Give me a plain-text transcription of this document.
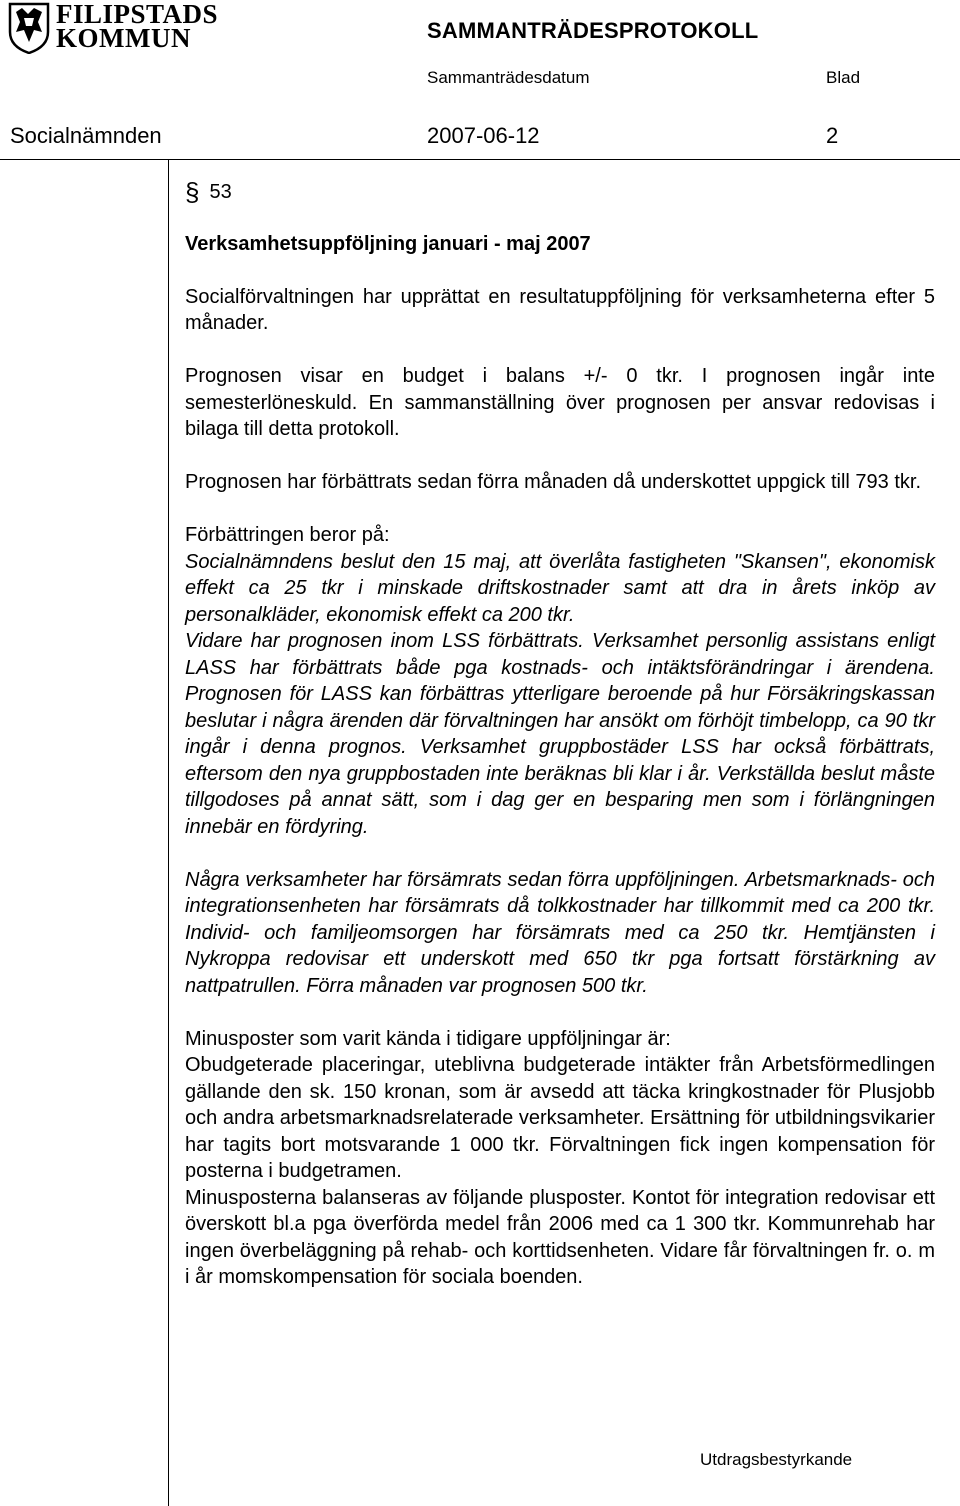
FILIPSTADS
KOMMUN	SAMMANTRÄDESPROTOKOLL
Sammanträdesdatum	Blad
Socialnämnden	2007-06-12	2
§ 53
Verksamhetsuppföljning januari - maj 2007

Socialförvaltningen har upprättat en resultatuppföljning för verksamheterna efter 5 månader.

Prognosen visar en budget i balans +/- 0 tkr. I prognosen ingår inte semesterlöneskuld. En sammanställning över prognosen per ansvar redovisas i bilaga till detta protokoll.

Prognosen har förbättrats sedan förra månaden då underskottet uppgick till 793 tkr.

Förbättringen beror på:

Socialnämndens beslut den 15 maj, att överlåta fastigheten "Skansen", ekonomisk effekt ca 25 tkr i minskade driftskostnader samt att dra in årets inköp av personalkläder, ekonomisk effekt ca 200 tkr.

Vidare har prognosen inom LSS förbättrats. Verksamhet personlig assistans enligt LASS har förbättrats både pga kostnads- och intäktsförändringar i ärendena. Prognosen för LASS kan förbättras ytterligare beroende på hur Försäkringskassan beslutar i några ärenden där förvaltningen har ansökt om förhöjt timbelopp, ca 90 tkr ingår i denna prognos. Verksamhet gruppbostäder LSS har också förbättrats, eftersom den nya gruppbostaden inte beräknas bli klar i år. Verkställda beslut måste tillgodoses på annat sätt, som i dag ger en besparing men som i förlängningen innebär en fördyring.

Några verksamheter har försämrats sedan förra uppföljningen. Arbetsmarknads- och integrationsenheten har försämrats då tolkkostnader har tillkommit med ca 200 tkr. Individ- och familjeomsorgen har försämrats med ca 250 tkr. Hemtjänsten i Nykroppa redovisar ett underskott med 650 tkr pga fortsatt förstärkning av nattpatrullen. Förra månaden var prognosen 500 tkr.

Minusposter som varit kända i tidigare uppföljningar är:

Obudgeterade placeringar, uteblivna budgeterade intäkter från Arbetsförmedlingen gällande den sk. 150 kronan, som är avsedd att täcka kringkostnader för Plusjobb och andra arbetsmarknadsrelaterade verksamheter. Ersättning för utbildningsvikarier har tagits bort motsvarande 1 000 tkr. Förvaltningen fick ingen kompensation för posterna i budgetramen.

Minusposterna balanseras av följande plusposter. Kontot för integration redovisar ett överskott bl.a pga överförda medel från 2006 med ca 1 300 tkr. Kommunrehab har ingen överbeläggning på rehab- och korttidsenheten. Vidare får förvaltningen fr. o. m i år momskompensation för sociala boenden.

Utdragsbestyrkande
